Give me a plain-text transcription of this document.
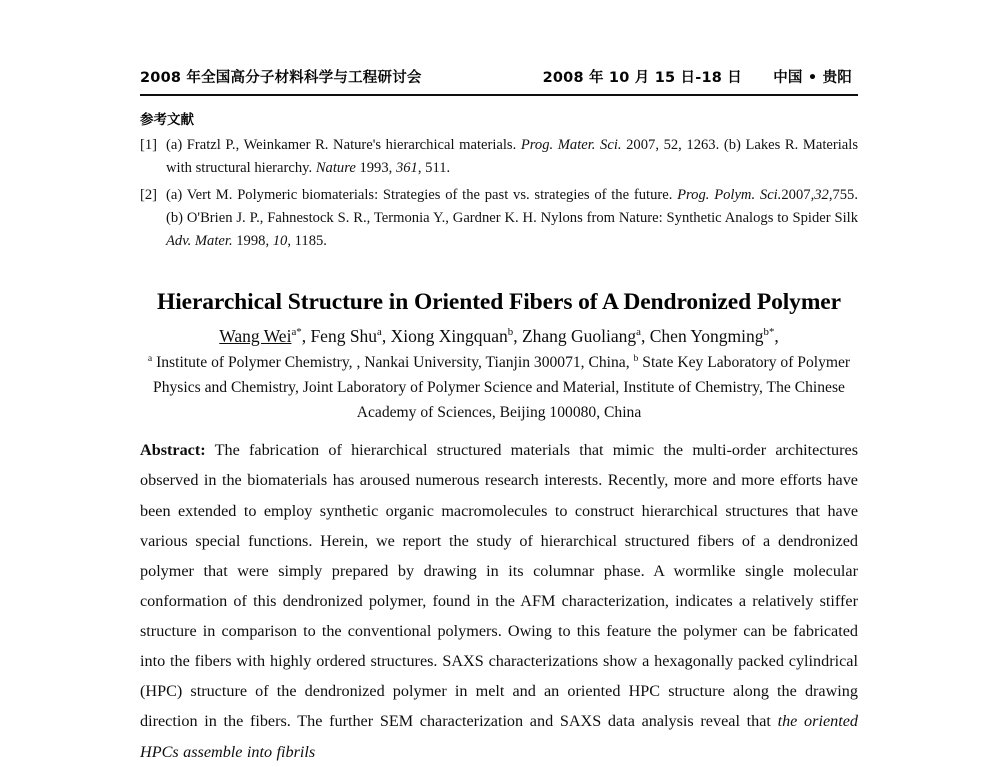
2008 年全国高分子材料科学与工程研讨会	2008 年 10 月 15 日-18 日 中国 • 贵阳
参考文献
[1] (a) Fratzl P., Weinkamer R. Nature's hierarchical materials. Prog. Mater. Sci. 2007, 52, 1263. (b) Lakes R. Materials with structural hierarchy. Nature 1993, 361, 511.
[2] (a) Vert M. Polymeric biomaterials: Strategies of the past vs. strategies of the future. Prog. Polym. Sci.2007,32,755. (b) O'Brien J. P., Fahnestock S. R., Termonia Y., Gardner K. H. Nylons from Nature: Synthetic Analogs to Spider Silk Adv. Mater. 1998, 10, 1185.
Hierarchical Structure in Oriented Fibers of A Dendronized Polymer
Wang Wei$^{a*}$, Feng Shu$^a$, Xiong Xingquan$^b$, Zhang Guoliang$^a$, Chen Yongming$^{b*}$,
$^a$ Institute of Polymer Chemistry, , Nankai University, Tianjin 300071, China, $^b$ State Key Laboratory of Polymer Physics and Chemistry, Joint Laboratory of Polymer Science and Material, Institute of Chemistry, The Chinese Academy of Sciences, Beijing 100080, China
Abstract: The fabrication of hierarchical structured materials that mimic the multi-order architectures observed in the biomaterials has aroused numerous research interests. Recently, more and more efforts have been extended to employ synthetic organic macromolecules to construct hierarchical structures that have various special functions. Herein, we report the study of hierarchical structured fibers of a dendronized polymer that were simply prepared by drawing in its columnar phase. A wormlike single molecular conformation of this dendronized polymer, found in the AFM characterization, indicates a relatively stiffer structure in comparison to the conventional polymers. Owing to this feature the polymer can be fabricated into the fibers with highly ordered structures. SAXS characterizations show a hexagonally packed cylindrical (HPC) structure of the dendronized polymer in melt and an oriented HPC structure along the drawing direction in the fibers. The further SEM characterization and SAXS data analysis reveal that the oriented HPCs assemble into fibrils
